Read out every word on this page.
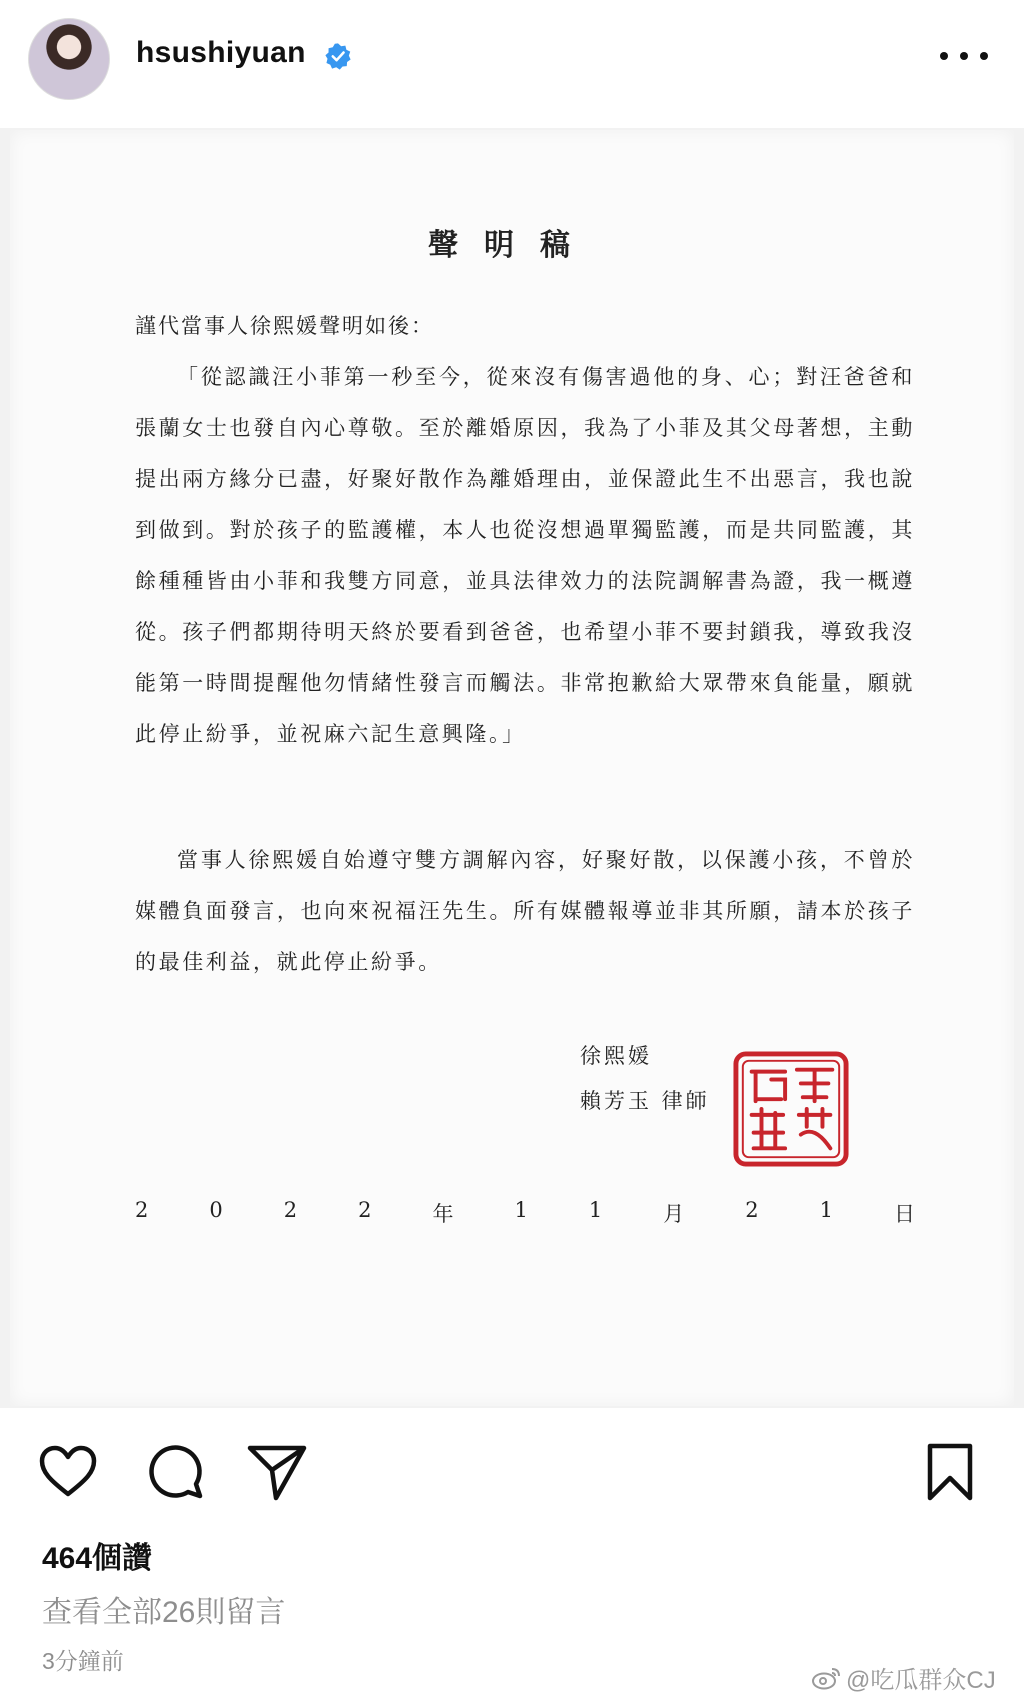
hsushiyuan
聲明稿
謹代當事人徐熙媛聲明如後：
「從認識汪小菲第一秒至今，從來沒有傷害過他的身、心；對汪爸爸和張蘭女士也發自內心尊敬。至於離婚原因，我為了小菲及其父母著想，主動提出兩方緣分已盡，好聚好散作為離婚理由，並保證此生不出惡言，我也說到做到。對於孩子的監護權，本人也從沒想過單獨監護，而是共同監護，其餘種種皆由小菲和我雙方同意，並具法律效力的法院調解書為證，我一概遵從。孩子們都期待明天終於要看到爸爸，也希望小菲不要封鎖我，導致我沒能第一時間提醒他勿情緒性發言而觸法。非常抱歉給大眾帶來負能量，願就此停止紛爭，並祝麻六記生意興隆。」
當事人徐熙媛自始遵守雙方調解內容，好聚好散，以保護小孩，不曾於媒體負面發言，也向來祝福汪先生。所有媒體報導並非其所願，請本於孩子的最佳利益，就此停止紛爭。
徐熙媛
賴芳玉 律師
2	0	2	2	年	1	1	月	2	1	日
464個讚
查看全部26則留言
3分鐘前
@吃瓜群众CJ
